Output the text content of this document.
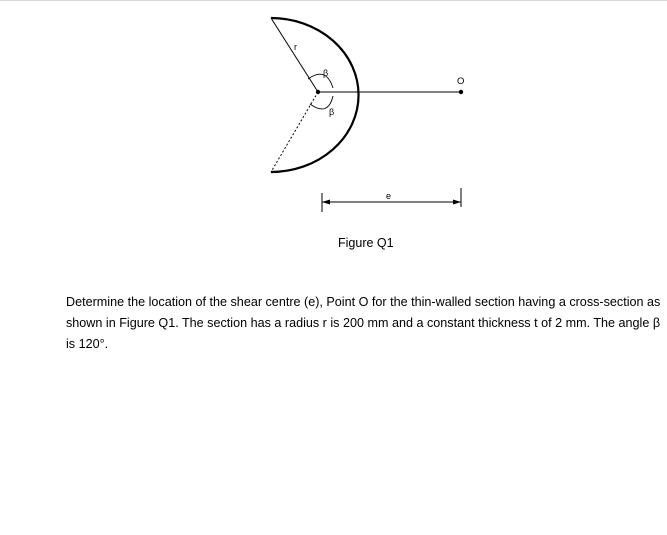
r
β
β
O
e
Figure Q1

Determine the location of the shear centre (e), Point O for the thin-walled section having a cross-section as shown in Figure Q1. The section has a radius r is 200 mm and a constant thickness t of 2 mm. The angle β is 120°.
